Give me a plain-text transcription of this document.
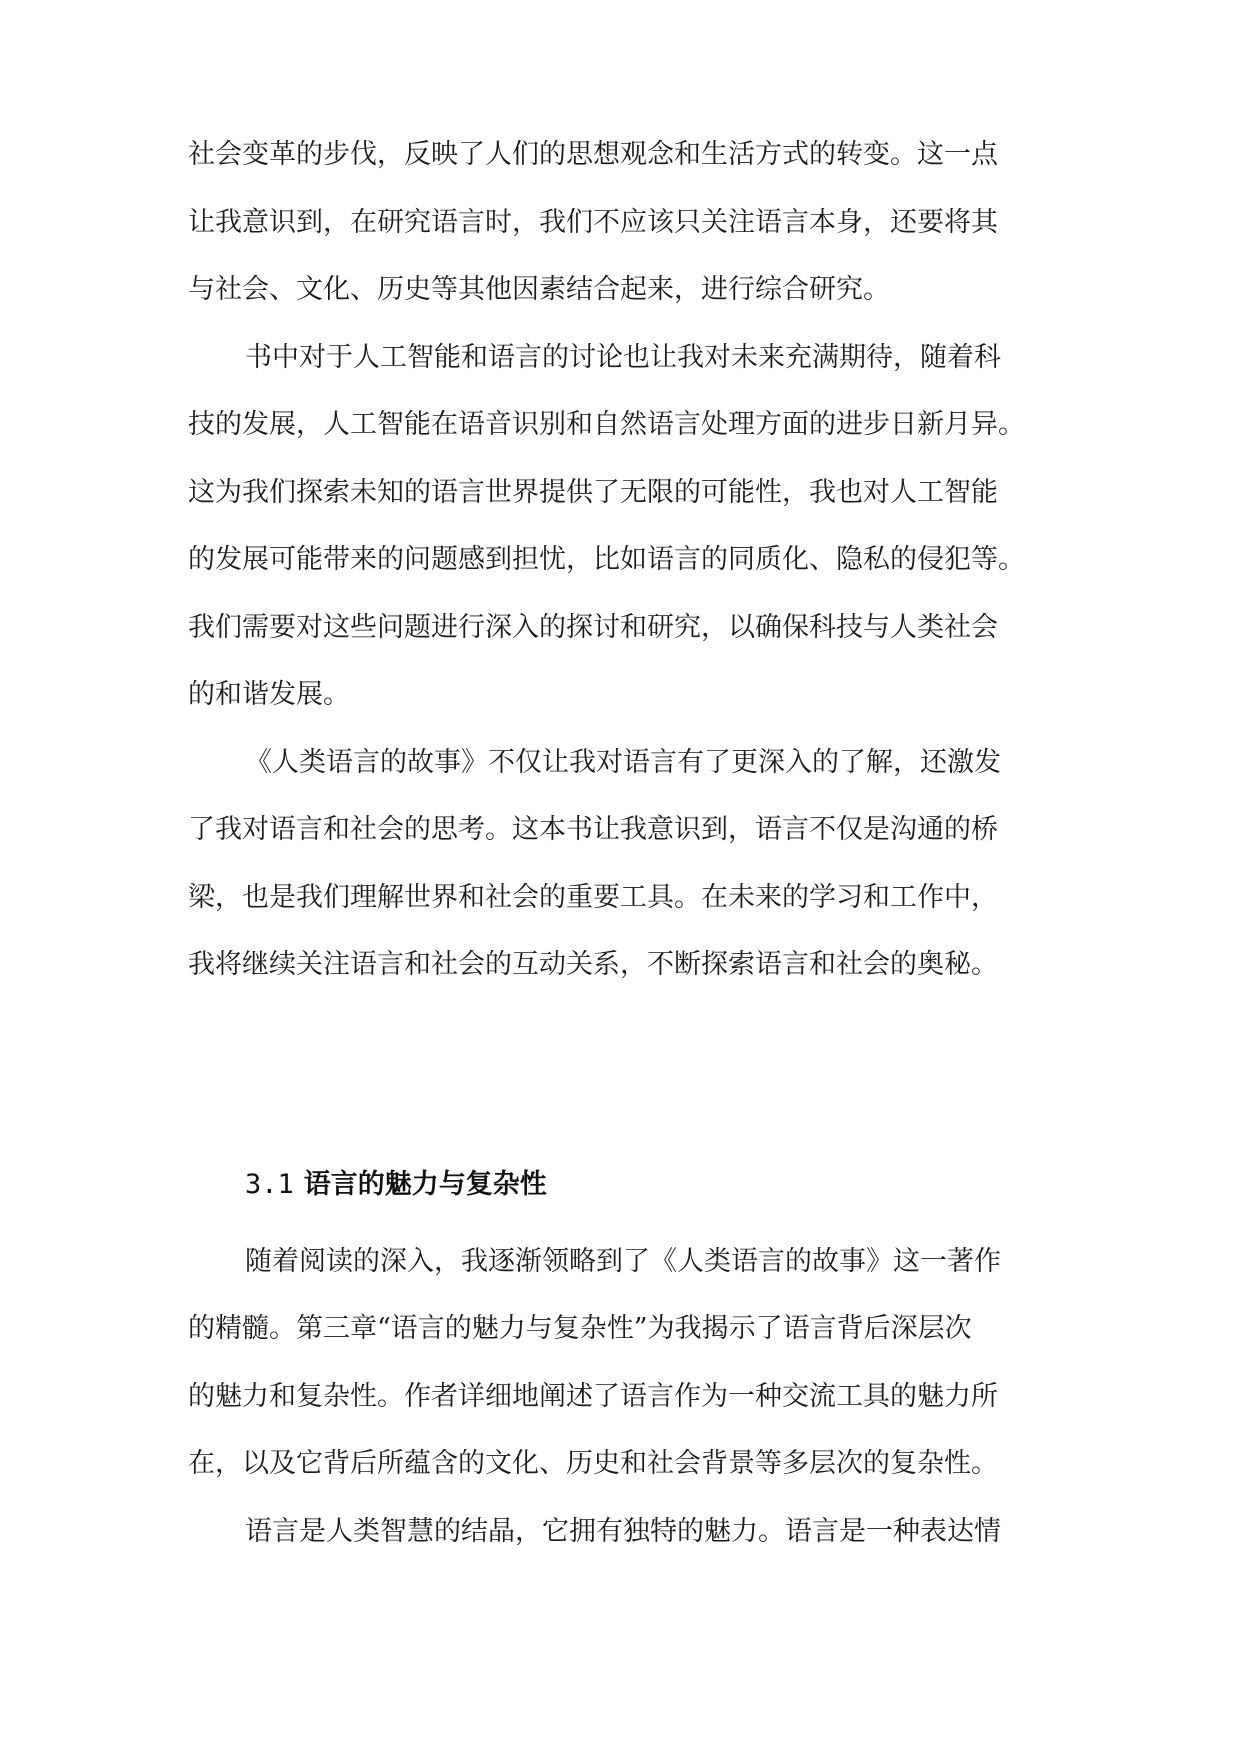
社会变革的步伐，反映了人们的思想观念和生活方式的转变。这一点

让我意识到，在研究语言时，我们不应该只关注语言本身，还要将其

与社会、文化、历史等其他因素结合起来，进行综合研究。

书中对于人工智能和语言的讨论也让我对未来充满期待，随着科

技的发展，人工智能在语音识别和自然语言处理方面的进步日新月异。

这为我们探索未知的语言世界提供了无限的可能性，我也对人工智能

的发展可能带来的问题感到担忧，比如语言的同质化、隐私的侵犯等。

我们需要对这些问题进行深入的探讨和研究，以确保科技与人类社会

的和谐发展。

《人类语言的故事》不仅让我对语言有了更深入的了解，还激发

了我对语言和社会的思考。这本书让我意识到，语言不仅是沟通的桥

梁，也是我们理解世界和社会的重要工具。在未来的学习和工作中，

我将继续关注语言和社会的互动关系，不断探索语言和社会的奥秘。

3.1 语言的魅力与复杂性

随着阅读的深入，我逐渐领略到了《人类语言的故事》这一著作

的精髓。第三章“语言的魅力与复杂性”为我揭示了语言背后深层次

的魅力和复杂性。作者详细地阐述了语言作为一种交流工具的魅力所

在，以及它背后所蕴含的文化、历史和社会背景等多层次的复杂性。

语言是人类智慧的结晶，它拥有独特的魅力。语言是一种表达情
